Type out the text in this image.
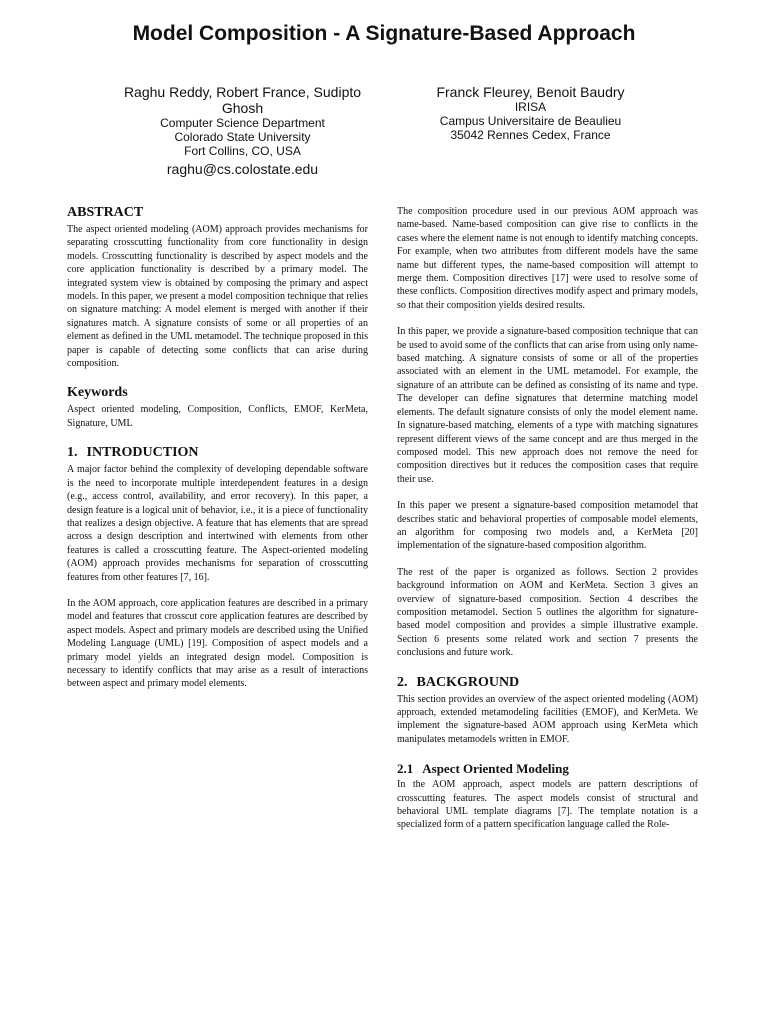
Model Composition - A Signature-Based Approach
Raghu Reddy, Robert France, Sudipto
Ghosh
Computer Science Department
Colorado State University
Fort Collins, CO, USA
raghu@cs.colostate.edu
Franck Fleurey, Benoit Baudry
IRISA
Campus Universitaire de Beaulieu
35042 Rennes Cedex, France
ABSTRACT

The aspect oriented modeling (AOM) approach provides mechanisms for separating crosscutting functionality from core functionality in design models. Crosscutting functionality is described by aspect models and the core application functionality is described by a primary model. The integrated system view is obtained by composing the primary and aspect models. In this paper, we present a model composition technique that relies on signature matching: A model element is merged with another if their signatures match. A signature consists of some or all properties of an element as defined in the UML metamodel. The technique proposed in this paper is capable of detecting some conflicts that can arise during composition.

Keywords

Aspect oriented modeling, Composition, Conflicts, EMOF, KerMeta, Signature, UML

1. INTRODUCTION

A major factor behind the complexity of developing dependable software is the need to incorporate multiple interdependent features in a design (e.g., access control, availability, and error recovery). In this paper, a design feature is a logical unit of behavior, i.e., it is a piece of functionality that realizes a design objective. A feature that has elements that are spread across a design description and intertwined with elements from other features is called a crosscutting feature. The Aspect-oriented modeling (AOM) approach provides mechanisms for separation of crosscutting features from other features [7, 16].

In the AOM approach, core application features are described in a primary model and features that crosscut core application features are described by aspect models. Aspect and primary models are described using the Unified Modeling Language (UML) [19]. Composition of aspect models and a primary model yields an integrated design model. Composition is necessary to identify conflicts that may arise as a result of interactions between aspect and primary model elements.

The composition procedure used in our previous AOM approach was name-based. Name-based composition can give rise to conflicts in the cases where the element name is not enough to identify matching concepts. For example, when two attributes from different models have the same name but different types, the name-based composition will attempt to merge them. Composition directives [17] were used to resolve some of these conflicts. Composition directives modify aspect and primary models, so that their composition yields desired results.

In this paper, we provide a signature-based composition technique that can be used to avoid some of the conflicts that can arise from using only name-based matching. A signature consists of some or all of the properties associated with an element in the UML metamodel. For example, the signature of an attribute can be defined as consisting of its name and type. The developer can define signatures that determine matching model elements. The default signature consists of only the model element name. In signature-based matching, elements of a type with matching signatures represent different views of the same concept and are thus merged in the composed model. This new approach does not remove the need for composition directives but it reduces the composition cases that require their use.

In this paper we present a signature-based composition metamodel that describes static and behavioral properties of composable model elements, an algorithm for composing two models and, a KerMeta [20] implementation of the signature-based composition algorithm.

The rest of the paper is organized as follows. Section 2 provides background information on AOM and KerMeta. Section 3 gives an overview of signature-based composition. Section 4 describes the composition metamodel. Section 5 outlines the algorithm for signature-based model composition and provides a simple illustrative example. Section 6 presents some related work and section 7 presents the conclusions and future work.

2. BACKGROUND

This section provides an overview of the aspect oriented modeling (AOM) approach, extended metamodeling facilities (EMOF), and KerMeta. We implement the signature-based AOM approach using KerMeta which manipulates metamodels written in EMOF.

2.1 Aspect Oriented Modeling

In the AOM approach, aspect models are pattern descriptions of crosscutting features. The aspect models consist of structural and behavioral UML template diagrams [7]. The template notation is a specialized form of a pattern specification language called the Role-
